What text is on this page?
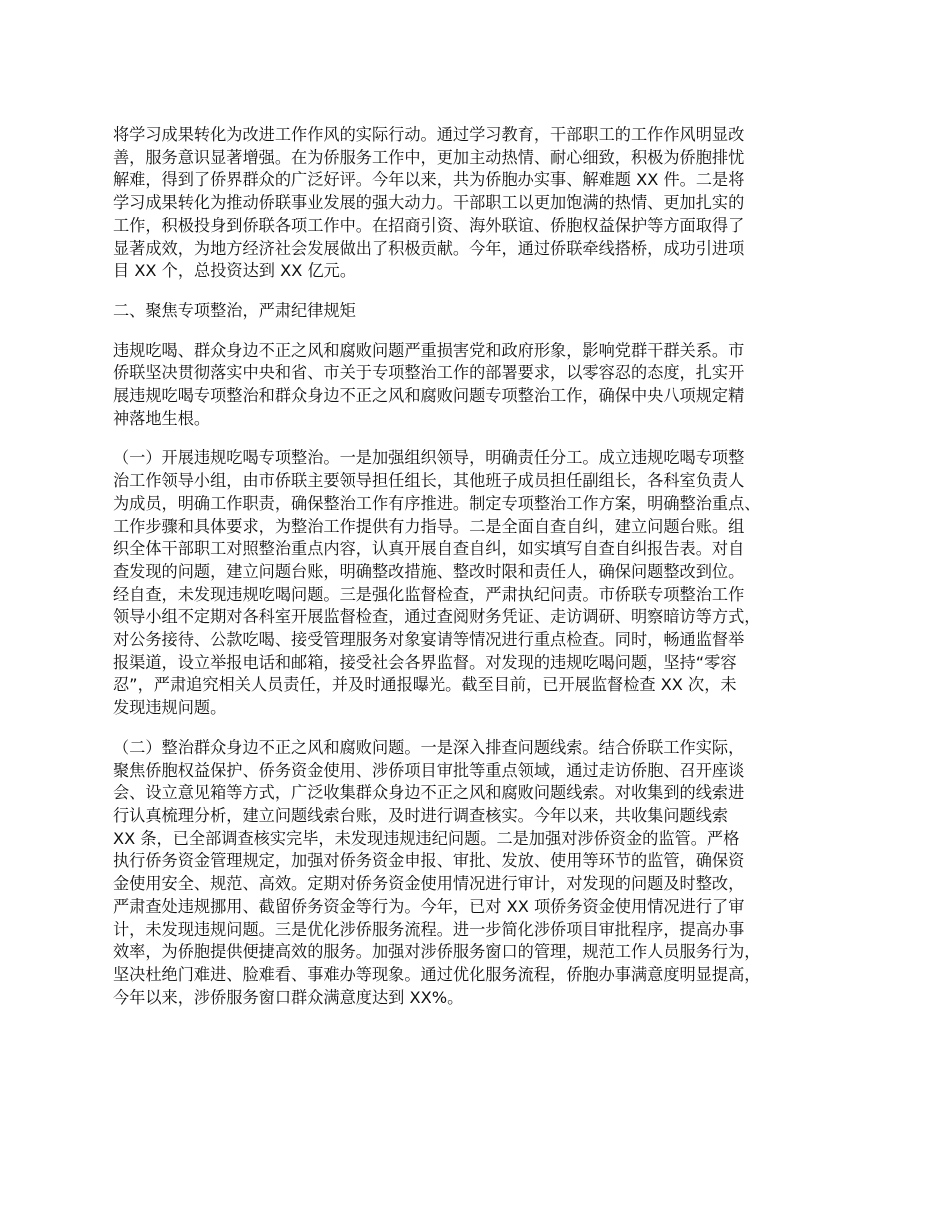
将学习成果转化为改进工作作风的实际行动。通过学习教育，干部职工的工作作风明显改
善，服务意识显著增强。在为侨服务工作中，更加主动热情、耐心细致，积极为侨胞排忧
解难，得到了侨界群众的广泛好评。今年以来，共为侨胞办实事、解难题 XX 件。二是将
学习成果转化为推动侨联事业发展的强大动力。干部职工以更加饱满的热情、更加扎实的
工作，积极投身到侨联各项工作中。在招商引资、海外联谊、侨胞权益保护等方面取得了
显著成效，为地方经济社会发展做出了积极贡献。今年，通过侨联牵线搭桥，成功引进项
目 XX 个，总投资达到 XX 亿元。

二、聚焦专项整治，严肃纪律规矩

违规吃喝、群众身边不正之风和腐败问题严重损害党和政府形象，影响党群干群关系。市
侨联坚决贯彻落实中央和省、市关于专项整治工作的部署要求，以零容忍的态度，扎实开
展违规吃喝专项整治和群众身边不正之风和腐败问题专项整治工作，确保中央八项规定精
神落地生根。

（一）开展违规吃喝专项整治。一是加强组织领导，明确责任分工。成立违规吃喝专项整
治工作领导小组，由市侨联主要领导担任组长，其他班子成员担任副组长，各科室负责人
为成员，明确工作职责，确保整治工作有序推进。制定专项整治工作方案，明确整治重点、
工作步骤和具体要求，为整治工作提供有力指导。二是全面自查自纠，建立问题台账。组
织全体干部职工对照整治重点内容，认真开展自查自纠，如实填写自查自纠报告表。对自
查发现的问题，建立问题台账，明确整改措施、整改时限和责任人，确保问题整改到位。
经自查，未发现违规吃喝问题。三是强化监督检查，严肃执纪问责。市侨联专项整治工作
领导小组不定期对各科室开展监督检查，通过查阅财务凭证、走访调研、明察暗访等方式，
对公务接待、公款吃喝、接受管理服务对象宴请等情况进行重点检查。同时，畅通监督举
报渠道，设立举报电话和邮箱，接受社会各界监督。对发现的违规吃喝问题，坚持“零容
忍”，严肃追究相关人员责任，并及时通报曝光。截至目前，已开展监督检查 XX 次，未
发现违规问题。

（二）整治群众身边不正之风和腐败问题。一是深入排查问题线索。结合侨联工作实际，
聚焦侨胞权益保护、侨务资金使用、涉侨项目审批等重点领域，通过走访侨胞、召开座谈
会、设立意见箱等方式，广泛收集群众身边不正之风和腐败问题线索。对收集到的线索进
行认真梳理分析，建立问题线索台账，及时进行调查核实。今年以来，共收集问题线索
XX 条，已全部调查核实完毕，未发现违规违纪问题。二是加强对涉侨资金的监管。严格
执行侨务资金管理规定，加强对侨务资金申报、审批、发放、使用等环节的监管，确保资
金使用安全、规范、高效。定期对侨务资金使用情况进行审计，对发现的问题及时整改，
严肃查处违规挪用、截留侨务资金等行为。今年，已对 XX 项侨务资金使用情况进行了审
计，未发现违规问题。三是优化涉侨服务流程。进一步简化涉侨项目审批程序，提高办事
效率，为侨胞提供便捷高效的服务。加强对涉侨服务窗口的管理，规范工作人员服务行为，
坚决杜绝门难进、脸难看、事难办等现象。通过优化服务流程，侨胞办事满意度明显提高，
今年以来，涉侨服务窗口群众满意度达到 XX%。
